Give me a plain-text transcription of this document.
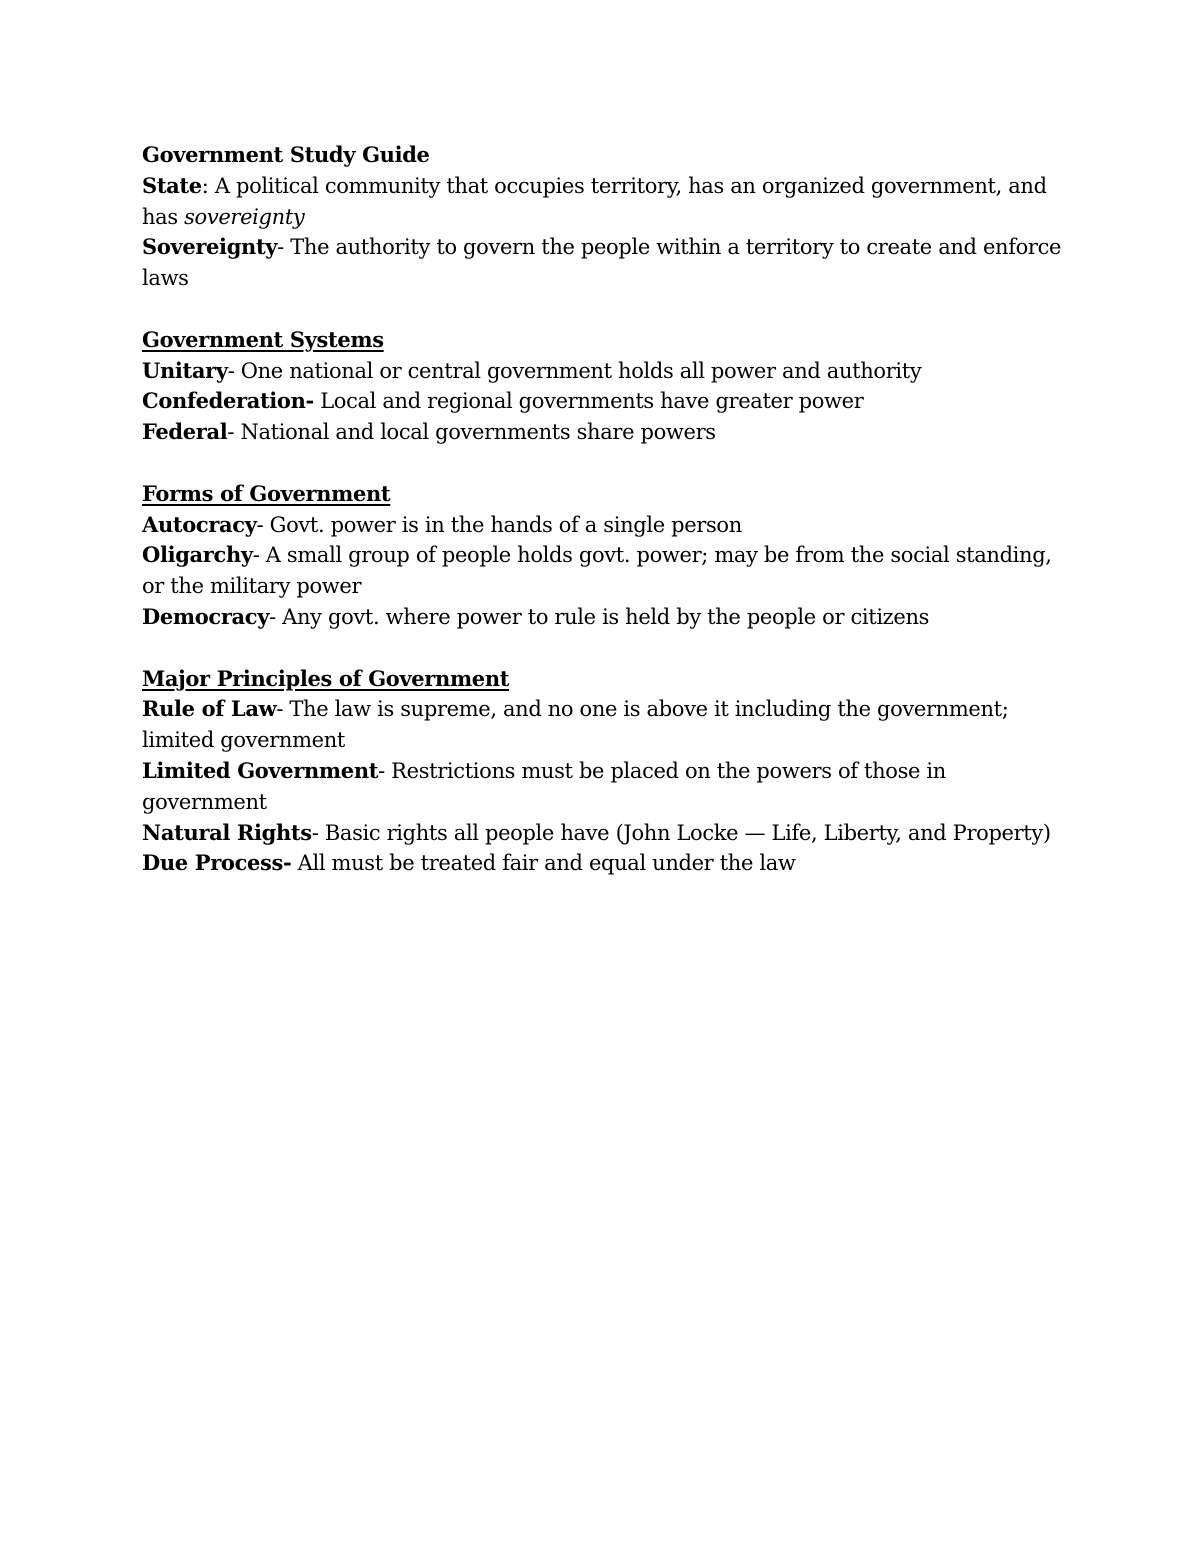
Government Study Guide
State: A political community that occupies territory, has an organized government, and has sovereignty
Sovereignty- The authority to govern the people within a territory to create and enforce laws
Government Systems
Unitary- One national or central government holds all power and authority
Confederation- Local and regional governments have greater power
Federal- National and local governments share powers
Forms of Government
Autocracy- Govt. power is in the hands of a single person
Oligarchy- A small group of people holds govt. power; may be from the social standing, or the military power
Democracy- Any govt. where power to rule is held by the people or citizens
Major Principles of Government
Rule of Law- The law is supreme, and no one is above it including the government; limited government
Limited Government- Restrictions must be placed on the powers of those in government
Natural Rights- Basic rights all people have (John Locke — Life, Liberty, and Property)
Due Process- All must be treated fair and equal under the law
